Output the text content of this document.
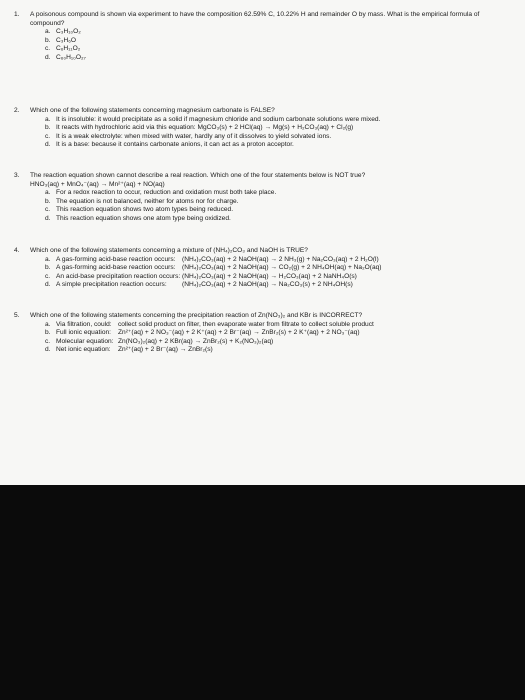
1.	A poisonous compound is shown via experiment to have the composition 62.59% C, 10.22% H and remainder O by mass. What is the empirical formula of compound?
a. C₃H₁₀O₂
b. C₃H₆O
c. C₆H₁₁O₂
d. C₆₀H₁₀O₂₇
2.	Which one of the following statements concerning magnesium carbonate is FALSE?
a. It is insoluble: it would precipitate as a solid if magnesium chloride and sodium carbonate solutions were mixed.
b. It reacts with hydrochloric acid via this equation: MgCO₃(s) + 2 HCl(aq) → Mg(s) + H₂CO₃(aq) + Cl₂(g)
c. It is a weak electrolyte: when mixed with water, hardly any of it dissolves to yield solvated ions.
d. It is a base: because it contains carbonate anions, it can act as a proton acceptor.
3.	The reaction equation shown cannot describe a real reaction. Which one of the four statements below is NOT true?
HNO₃(aq) + MnO₄⁻(aq) → Mn²⁺(aq) + NO(aq)
a. For a redox reaction to occur, reduction and oxidation must both take place.
b. The equation is not balanced, neither for atoms nor for charge.
c. This reaction equation shows two atom types being reduced.
d. This reaction equation shows one atom type being oxidized.
4.	Which one of the following statements concerning a mixture of (NH₄)₂CO₃ and NaOH is TRUE?
a. A gas-forming acid-base reaction occurs: (NH₄)₂CO₃(aq) + 2 NaOH(aq) → 2 NH₃(g) + Na₂CO₃(aq) + 2 H₂O(l)
b. A gas-forming acid-base reaction occurs: (NH₄)₂CO₃(aq) + 2 NaOH(aq) → CO₂(g) + 2 NH₄OH(aq) + Na₂O(aq)
c. An acid-base precipitation reaction occurs: (NH₄)₂CO₃(aq) + 2 NaOH(aq) → H₂CO₃(aq) + 2 NaNH₄O(s)
d. A simple precipitation reaction occurs:	(NH₄)₂CO₃(aq) + 2 NaOH(aq) → Na₂CO₃(s) + 2 NH₄OH(s)
5.	Which one of the following statements concerning the precipitation reaction of Zn(NO₃)₂ and KBr is INCORRECT?
a. Via filtration, could: collect solid product on filter, then evaporate water from filtrate to collect soluble product
b. Full ionic equation:	Zn²⁺(aq) + 2 NO₃⁻(aq) + 2 K⁺(aq) + 2 Br⁻(aq) → ZnBr₂(s) + 2 K⁺(aq) + 2 NO₃⁻(aq)
c. Molecular equation: Zn(NO₃)₂(aq) + 2 KBr(aq) → ZnBr₂(s) + K₂(NO₃)₂(aq)
d. Net ionic equation:	Zn²⁺(aq) + 2 Br⁻(aq) → ZnBr₂(s)
